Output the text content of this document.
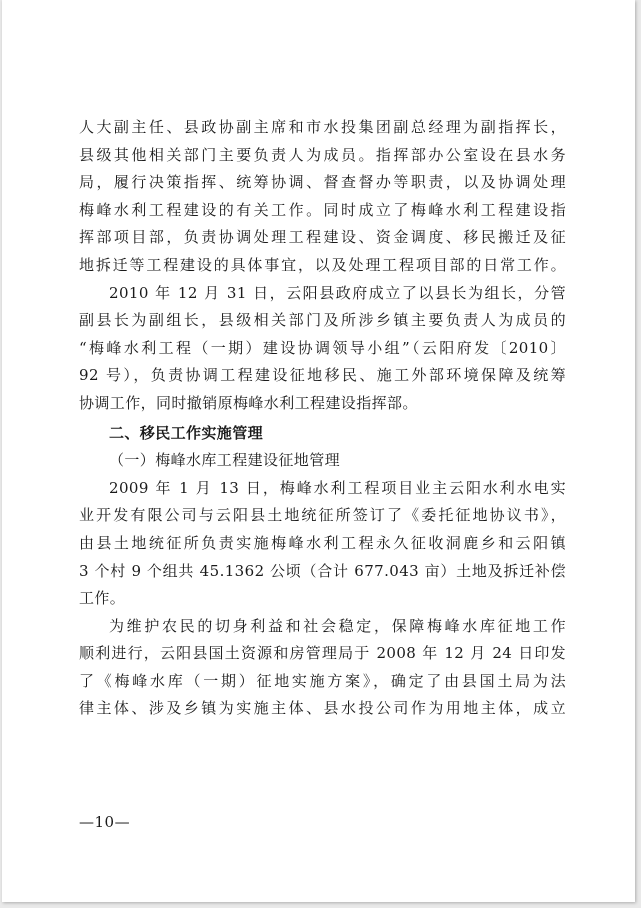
人大副主任、县政协副主席和市水投集团副总经理为副指挥长，
县级其他相关部门主要负责人为成员。指挥部办公室设在县水务
局，履行决策指挥、统筹协调、督查督办等职责，以及协调处理
梅峰水利工程建设的有关工作。同时成立了梅峰水利工程建设指
挥部项目部，负责协调处理工程建设、资金调度、移民搬迁及征
地拆迁等工程建设的具体事宜，以及处理工程项目部的日常工作。
2010 年 12 月 31 日，云阳县政府成立了以县长为组长，分管
副县长为副组长，县级相关部门及所涉乡镇主要负责人为成员的
“梅峰水利工程（一期）建设协调领导小组”（云阳府发〔2010〕
92 号），负责协调工程建设征地移民、施工外部环境保障及统筹
协调工作，同时撤销原梅峰水利工程建设指挥部。
二、移民工作实施管理
（一）梅峰水库工程建设征地管理
2009 年 1 月 13 日，梅峰水利工程项目业主云阳水利水电实
业开发有限公司与云阳县土地统征所签订了《委托征地协议书》，
由县土地统征所负责实施梅峰水利工程永久征收洞鹿乡和云阳镇
3 个村 9 个组共 45.1362 公顷（合计 677.043 亩）土地及拆迁补偿
工作。
为维护农民的切身利益和社会稳定，保障梅峰水库征地工作
顺利进行，云阳县国土资源和房管理局于 2008 年 12 月 24 日印发
了《梅峰水库（一期）征地实施方案》，确定了由县国土局为法
律主体、涉及乡镇为实施主体、县水投公司作为用地主体，成立
—10—
